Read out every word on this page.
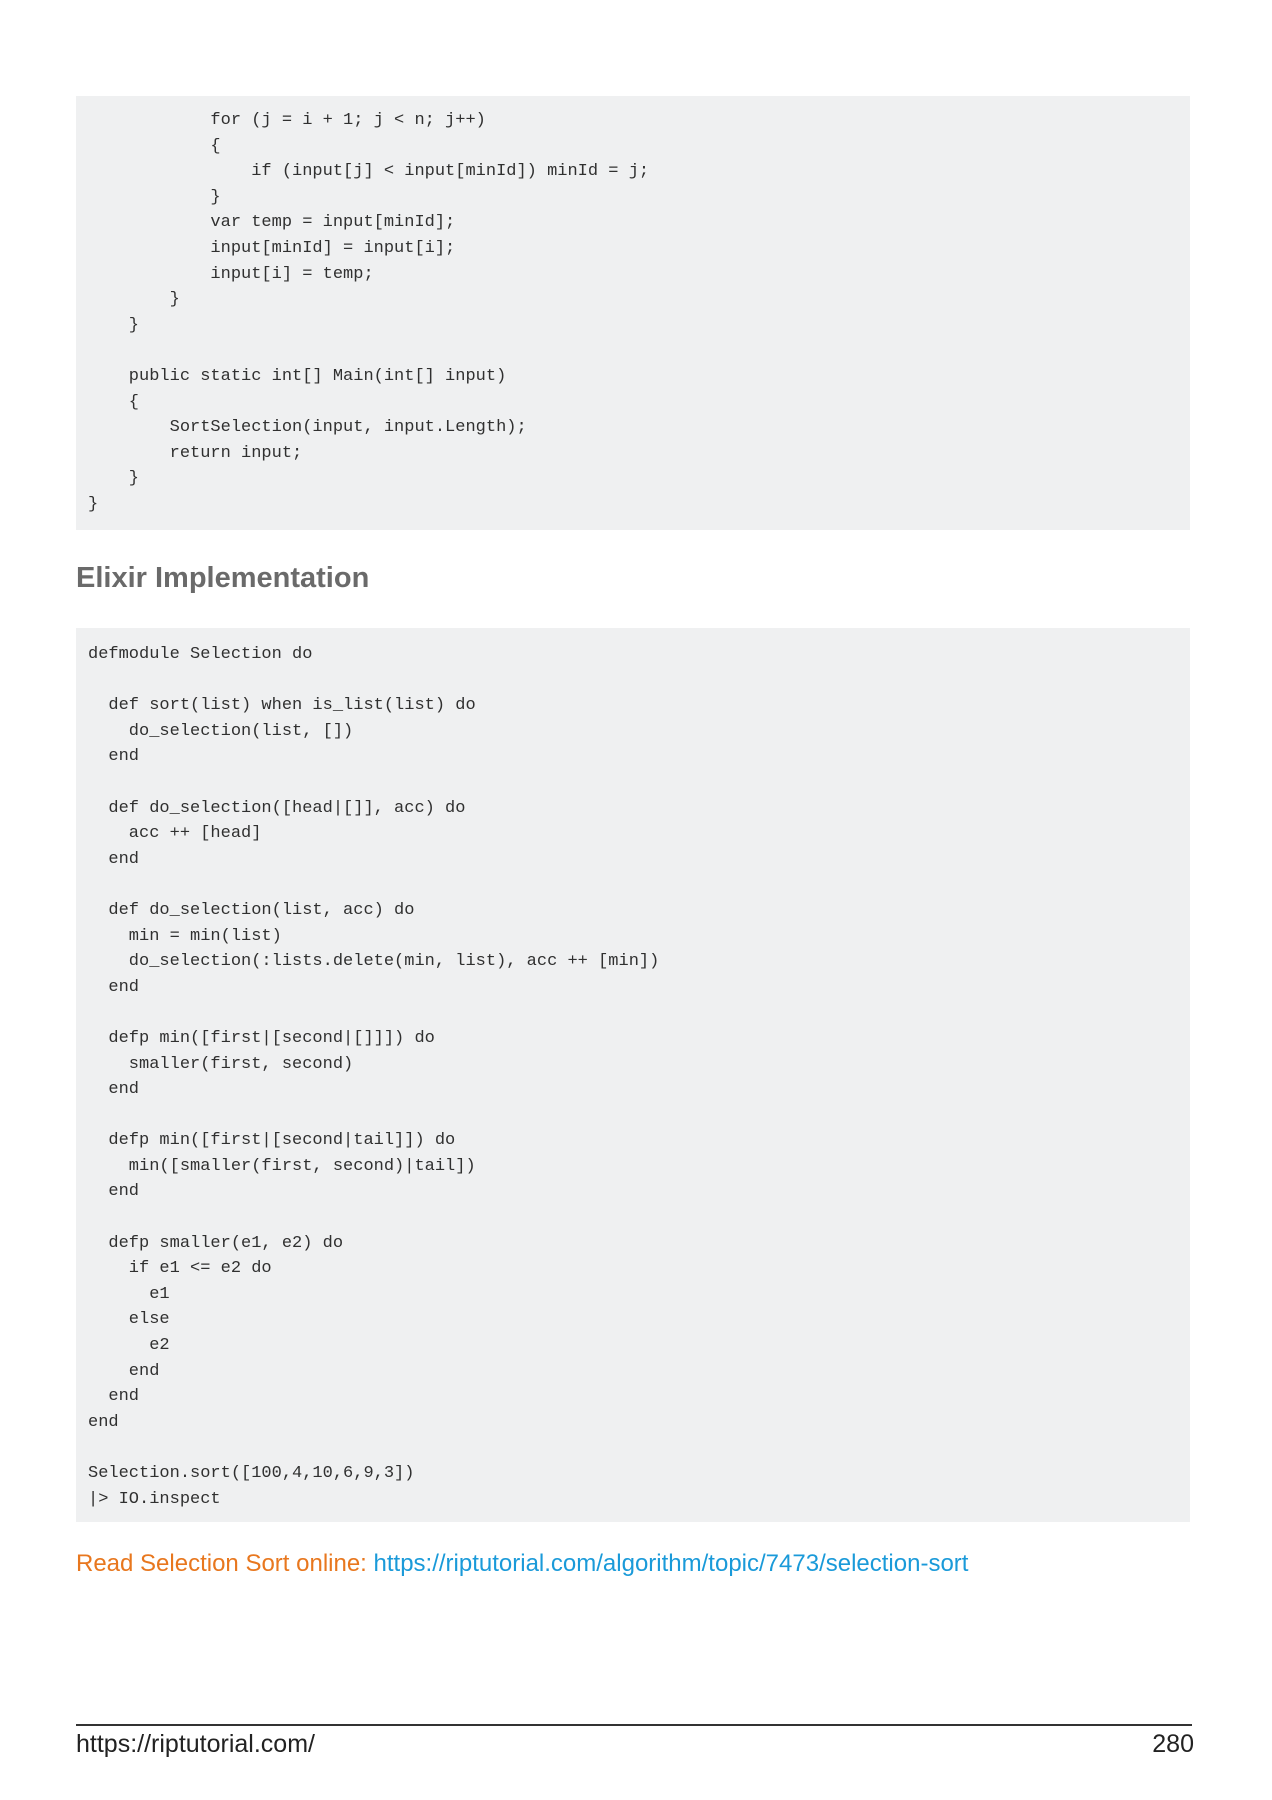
for (j = i + 1; j < n; j++)
{
if (input[j] < input[minId]) minId = j;
}
var temp = input[minId];
input[minId] = input[i];
input[i] = temp;
}
}

public static int[] Main(int[] input)
{
SortSelection(input, input.Length);
return input;
}
}
Elixir Implementation
defmodule Selection do

def sort(list) when is_list(list) do
do_selection(list, [])
end

def do_selection([head|[]], acc) do
acc ++ [head]
end

def do_selection(list, acc) do
min = min(list)
do_selection(:lists.delete(min, list), acc ++ [min])
end

defp min([first|[second|[]]]) do
smaller(first, second)
end

defp min([first|[second|tail]]) do
min([smaller(first, second)|tail])
end

defp smaller(e1, e2) do
if e1 <= e2 do
e1
else
e2
end
end
end

Selection.sort([100,4,10,6,9,3])
|> IO.inspect

Read Selection Sort online: https://riptutorial.com/algorithm/topic/7473/selection-sort

https://riptutorial.com/	280
